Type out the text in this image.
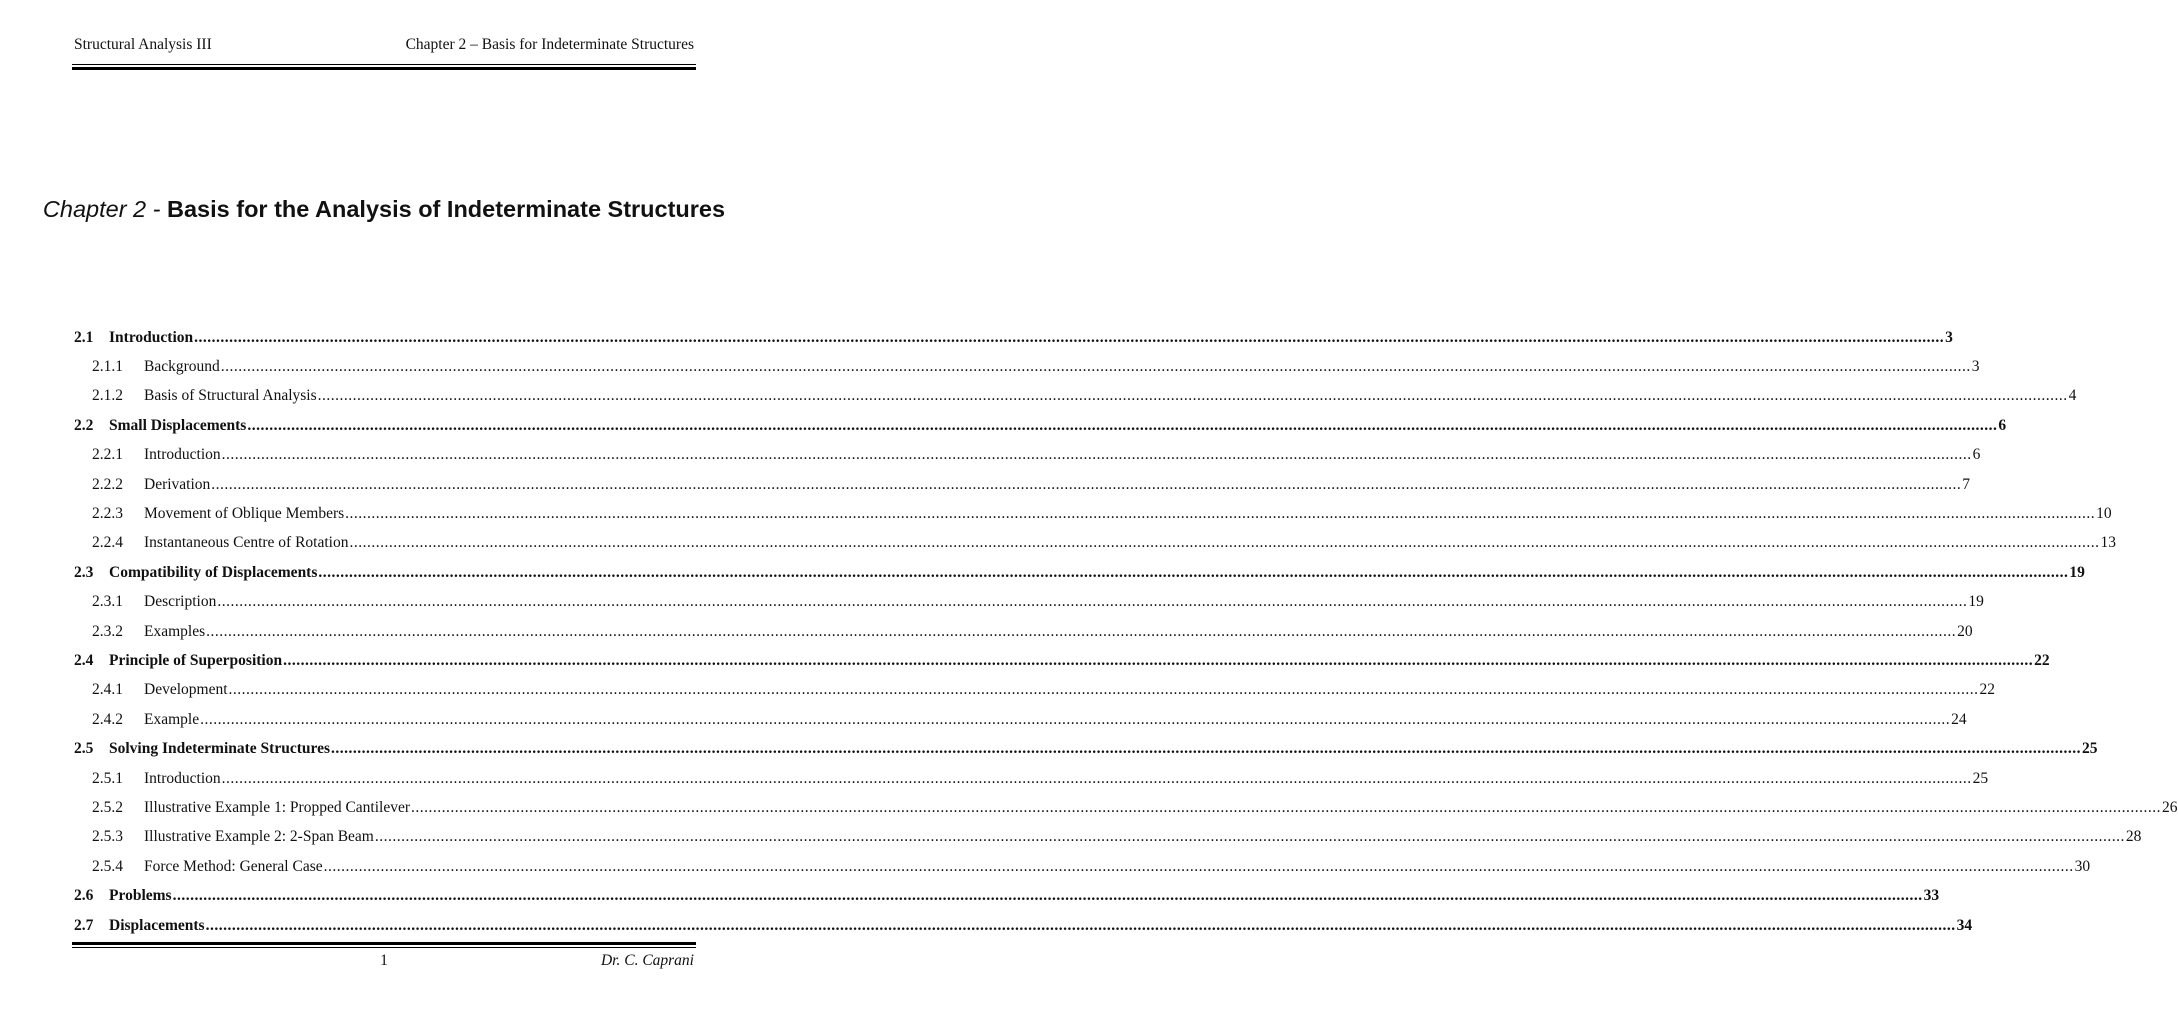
Structural Analysis III	Chapter 2 – Basis for Indeterminate Structures
Chapter 2 - Basis for the Analysis of Indeterminate Structures
2.1	Introduction ................................................................................................................................................................................................................................................................................................................................................................................................................ 3
2.1.1	Background ................................................................................................................................................................................................................................................................................................................................................................................................................ 3
2.1.2	Basis of Structural Analysis ................................................................................................................................................................................................................................................................................................................................................................................................................ 4
2.2	Small Displacements ................................................................................................................................................................................................................................................................................................................................................................................................................ 6
2.2.1	Introduction ................................................................................................................................................................................................................................................................................................................................................................................................................ 6
2.2.2	Derivation ................................................................................................................................................................................................................................................................................................................................................................................................................ 7
2.2.3	Movement of Oblique Members ................................................................................................................................................................................................................................................................................................................................................................................................................ 10
2.2.4	Instantaneous Centre of Rotation ................................................................................................................................................................................................................................................................................................................................................................................................................ 13
2.3	Compatibility of Displacements ................................................................................................................................................................................................................................................................................................................................................................................................................ 19
2.3.1	Description ................................................................................................................................................................................................................................................................................................................................................................................................................ 19
2.3.2	Examples ................................................................................................................................................................................................................................................................................................................................................................................................................ 20
2.4	Principle of Superposition ................................................................................................................................................................................................................................................................................................................................................................................................................ 22
2.4.1	Development ................................................................................................................................................................................................................................................................................................................................................................................................................ 22
2.4.2	Example ................................................................................................................................................................................................................................................................................................................................................................................................................ 24
2.5	Solving Indeterminate Structures ................................................................................................................................................................................................................................................................................................................................................................................................................ 25
2.5.1	Introduction ................................................................................................................................................................................................................................................................................................................................................................................................................ 25
2.5.2	Illustrative Example 1: Propped Cantilever ................................................................................................................................................................................................................................................................................................................................................................................................................ 26
2.5.3	Illustrative Example 2: 2-Span Beam ................................................................................................................................................................................................................................................................................................................................................................................................................ 28
2.5.4	Force Method: General Case ................................................................................................................................................................................................................................................................................................................................................................................................................ 30
2.6	Problems ................................................................................................................................................................................................................................................................................................................................................................................................................ 33
2.7	Displacements ................................................................................................................................................................................................................................................................................................................................................................................................................ 34
1	Dr. C. Caprani
